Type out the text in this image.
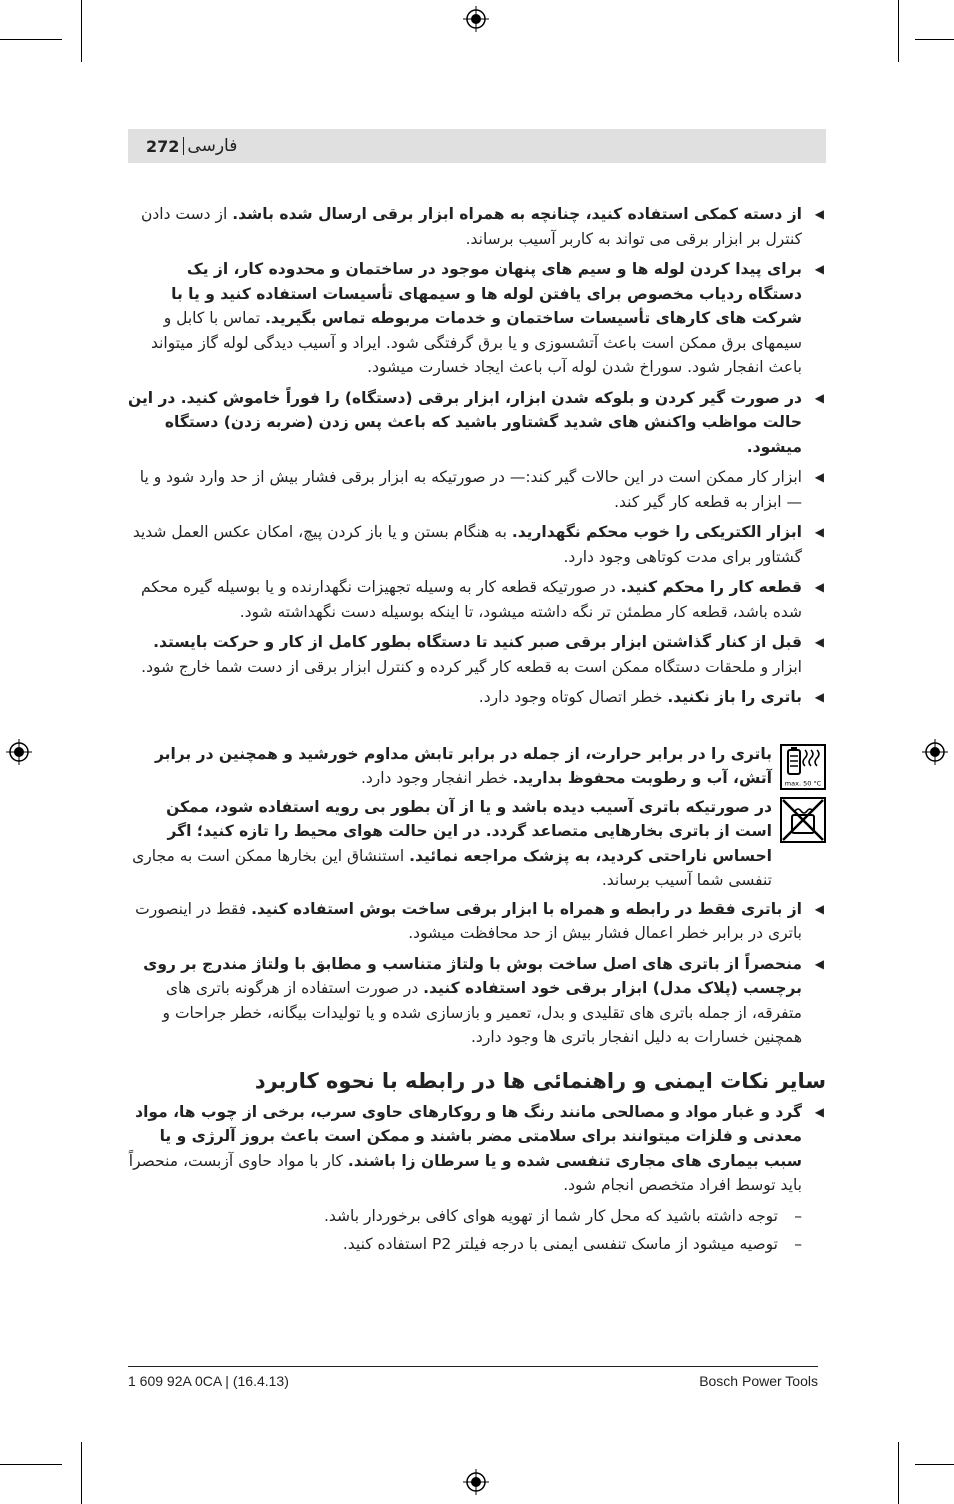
272 فارسی
◀
از دسته کمکی استفاده کنید، چنانچه به همراه ابزار برقی ارسال شده باشد. از دست دادن کنترل بر ابزار برقی می تواند به کاربر آسیب برساند.
◀
برای پیدا کردن لوله ها و سیم های پنهان موجود در ساختمان و محدوده کار، از یک دستگاه ردیاب مخصوص برای یافتن لوله ها و سیمهای تأسیسات استفاده کنید و یا با شرکت های کارهای تأسیسات ساختمان و خدمات مربوطه تماس بگیرید. تماس با کابل و سیمهای برق ممکن است باعث آتشسوزی و یا برق گرفتگی شود. ایراد و آسیب دیدگی لوله گاز میتواند باعث انفجار شود. سوراخ شدن لوله آب باعث ایجاد خسارت میشود.
◀
در صورت گیر کردن و بلوکه شدن ابزار، ابزار برقی (دستگاه) را فوراً خاموش کنید. در این حالت مواظب واکنش های شدید گشتاور باشید که باعث پس زدن (ضربه زدن) دستگاه میشود.
◀
ابزار کار ممکن است در این حالات گیر کند:— در صورتیکه به ابزار برقی فشار بیش از حد وارد شود و یا— ابزار به قطعه کار گیر کند.
◀
ابزار الکتریکی را خوب محکم نگهدارید. به هنگام بستن و یا باز کردن پیچ، امکان عکس العمل شدید گشتاور برای مدت کوتاهی وجود دارد.
◀
قطعه کار را محکم کنید. در صورتیکه قطعه کار به وسیله تجهیزات نگهدارنده و یا بوسیله گیره محکم شده باشد، قطعه کار مطمئن تر نگه داشته میشود، تا اینکه بوسیله دست نگهداشته شود.
◀
قبل از کنار گذاشتن ابزار برقی صبر کنید تا دستگاه بطور کامل از کار و حرکت بایستد. ابزار و ملحقات دستگاه ممکن است به قطعه کار گیر کرده و کنترل ابزار برقی از دست شما خارج شود.
◀
باتری را باز نکنید. خطر اتصال کوتاه وجود دارد.
max. 50 °C
باتری را در برابر حرارت، از جمله در برابر تابش مداوم خورشید و همچنین در برابر آتش، آب و رطوبت محفوظ بدارید. خطر انفجار وجود دارد.
در صورتیکه باتری آسیب دیده باشد و یا از آن بطور بی رویه استفاده شود، ممکن است از باتری بخارهایی متصاعد گردد. در این حالت هوای محیط را تازه کنید؛ اگر احساس ناراحتی کردید، به پزشک مراجعه نمائید. استنشاق این بخارها ممکن است به مجاری تنفسی شما آسیب برساند.
◀
از باتری فقط در رابطه و همراه با ابزار برقی ساخت بوش استفاده کنید. فقط در اینصورت باتری در برابر خطر اعمال فشار بیش از حد محافظت میشود.
◀
منحصراً از باتری های اصل ساخت بوش با ولتاژ متناسب و مطابق با ولتاژ مندرج بر روی برچسب (پلاک مدل) ابزار برقی خود استفاده کنید. در صورت استفاده از هرگونه باتری های متفرقه، از جمله باتری های تقلیدی و بدل، تعمیر و بازسازی شده و یا تولیدات بیگانه، خطر جراحات و همچنین خسارات به دلیل انفجار باتری ها وجود دارد.
سایر نکات ایمنی و راهنمائی ها در رابطه با نحوه کاربرد
◀
گرد و غبار مواد و مصالحی مانند رنگ ها و روکارهای حاوی سرب، برخی از چوب ها، مواد معدنی و فلزات میتوانند برای سلامتی مضر باشند و ممکن است باعث بروز آلرژی و یا سبب بیماری های مجاری تنفسی شده و یا سرطان زا باشند. کار با مواد حاوی آزبست، منحصراً باید توسط افراد متخصص انجام شود.
–
توجه داشته باشید که محل کار شما از تهویه هوای کافی برخوردار باشد.
–
توصیه میشود از ماسک تنفسی ایمنی با درجه فیلتر P2 استفاده کنید.
1 609 92A 0CA | (16.4.13)	Bosch Power Tools
